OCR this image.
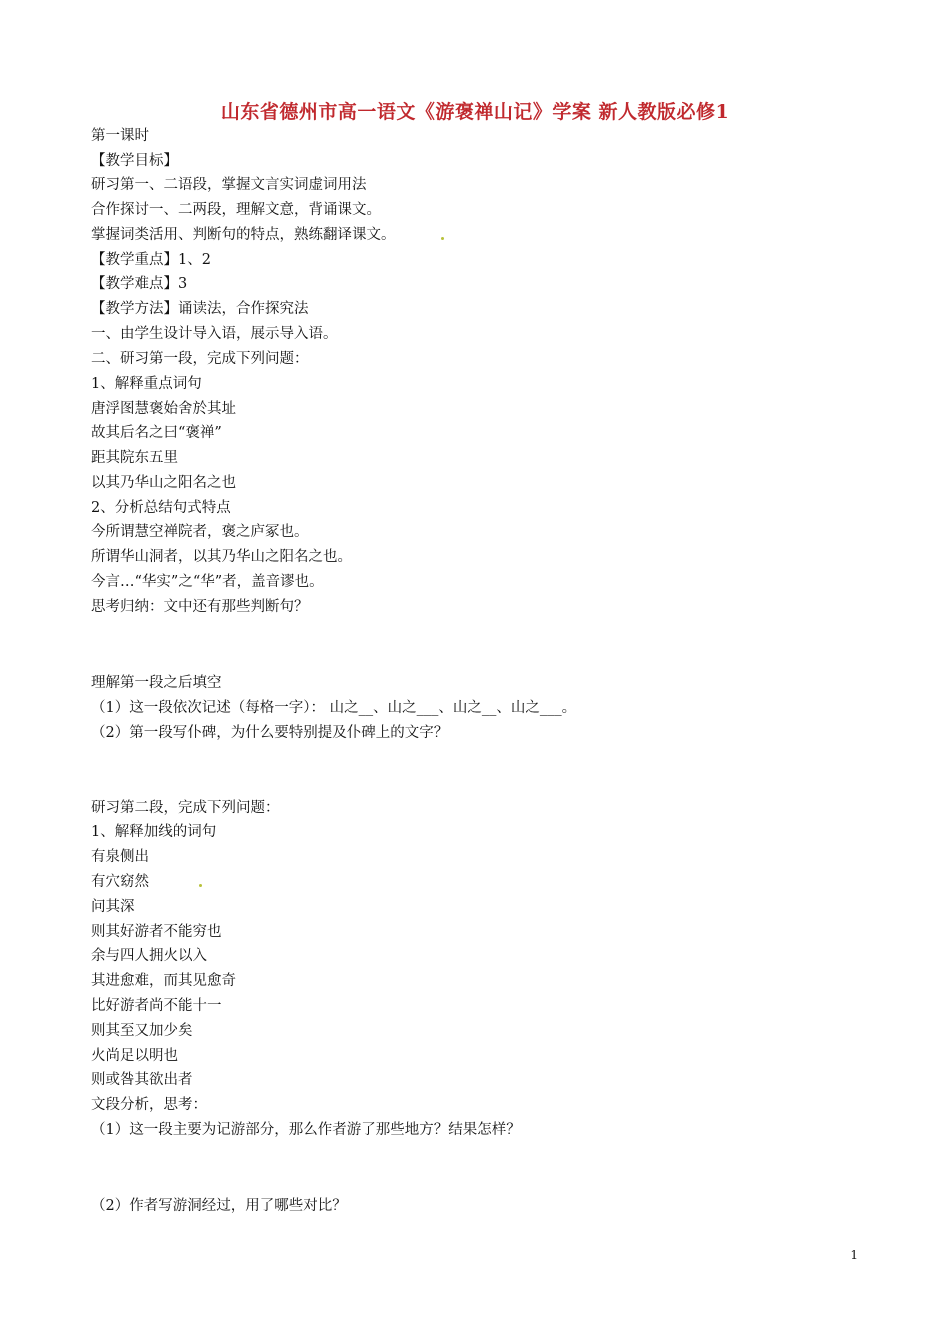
山东省德州市高一语文《游褒禅山记》学案 新人教版必修1
第一课时
【教学目标】
研习第一、二语段，掌握文言实词虚词用法
合作探讨一、二两段，理解文意，背诵课文。
掌握词类活用、判断句的特点，熟练翻译课文。
【教学重点】1、2
【教学难点】3
【教学方法】诵读法，合作探究法
一、由学生设计导入语，展示导入语。
二、研习第一段，完成下列问题：
1、解释重点词句
唐浮图慧褒始舍於其址
故其后名之曰“褒禅”
距其院东五里
以其乃华山之阳名之也
2、分析总结句式特点
今所谓慧空禅院者，褒之庐冢也。
所谓华山洞者，以其乃华山之阳名之也。
今言…“华实”之“华”者，盖音谬也。
思考归纳：文中还有那些判断句？
理解第一段之后填空
（1）这一段依次记述（每格一字）： 山之__、山之___、山之__、山之___。
（2）第一段写仆碑，为什么要特别提及仆碑上的文字？
研习第二段，完成下列问题：
1、解释加线的词句
有泉侧出
有穴窈然
问其深
则其好游者不能穷也
余与四人拥火以入
其进愈难，而其见愈奇
比好游者尚不能十一
则其至又加少矣
火尚足以明也
则或咎其欲出者
文段分析，思考：
（1）这一段主要为记游部分，那么作者游了那些地方？结果怎样？
（2）作者写游洞经过，用了哪些对比？
1
